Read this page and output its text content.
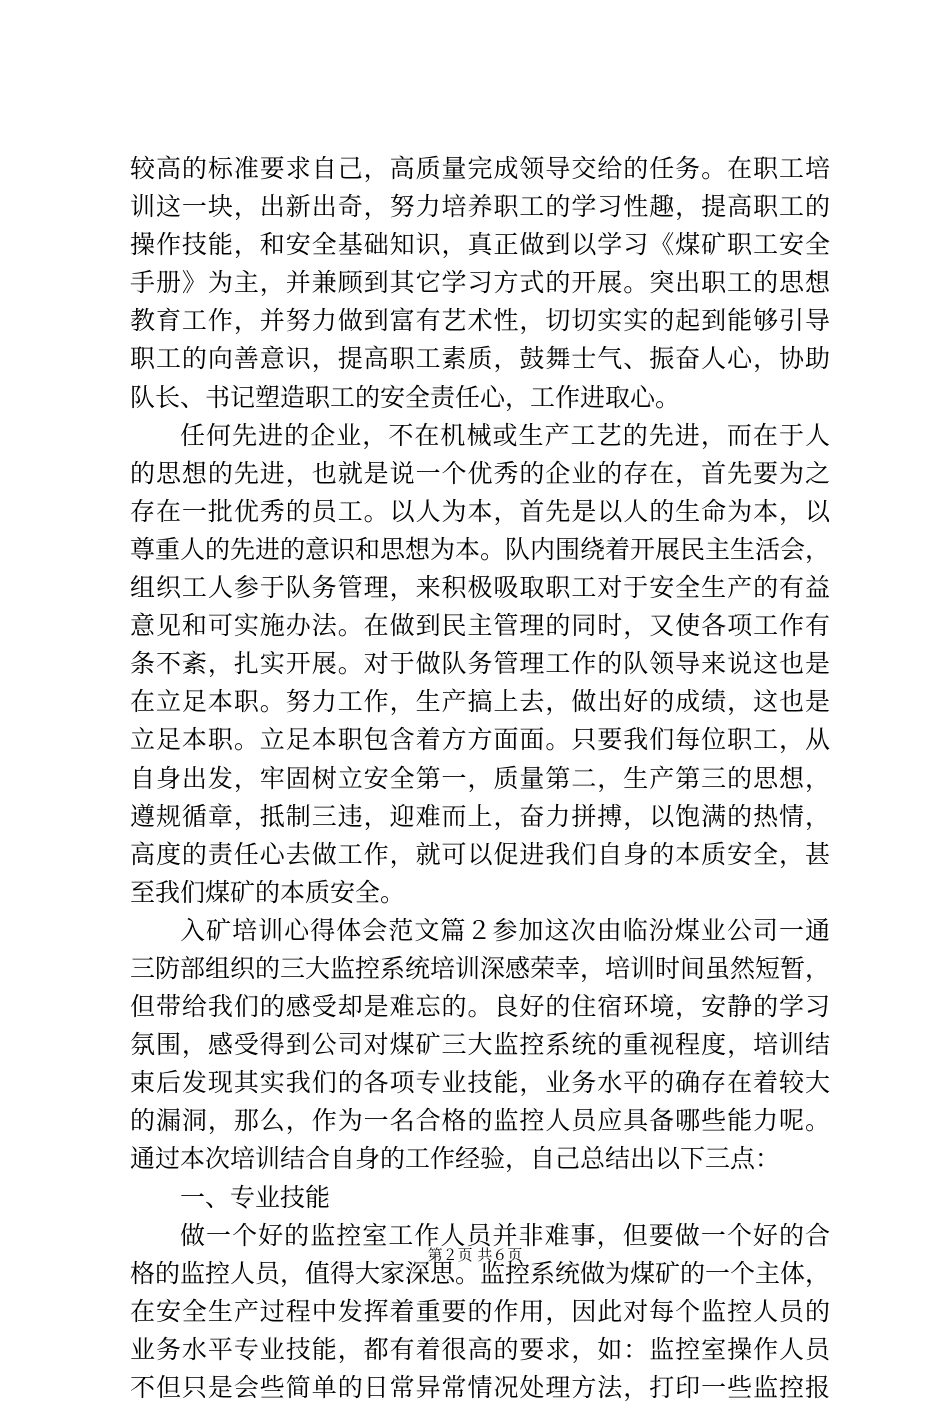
较高的标准要求自己，高质量完成领导交给的任务。在职工培
训这一块，出新出奇，努力培养职工的学习性趣，提高职工的
操作技能，和安全基础知识，真正做到以学习《煤矿职工安全
手册》为主，并兼顾到其它学习方式的开展。突出职工的思想
教育工作，并努力做到富有艺术性，切切实实的起到能够引导
职工的向善意识，提高职工素质，鼓舞士气、振奋人心，协助
队长、书记塑造职工的安全责任心，工作进取心。
任何先进的企业，不在机械或生产工艺的先进，而在于人
的思想的先进，也就是说一个优秀的企业的存在，首先要为之
存在一批优秀的员工。以人为本，首先是以人的生命为本，以
尊重人的先进的意识和思想为本。队内围绕着开展民主生活会，
组织工人参于队务管理，来积极吸取职工对于安全生产的有益
意见和可实施办法。在做到民主管理的同时，又使各项工作有
条不紊，扎实开展。对于做队务管理工作的队领导来说这也是
在立足本职。努力工作，生产搞上去，做出好的成绩，这也是
立足本职。立足本职包含着方方面面。只要我们每位职工，从
自身出发，牢固树立安全第一，质量第二，生产第三的思想，
遵规循章，抵制三违，迎难而上，奋力拼搏，以饱满的热情，
高度的责任心去做工作，就可以促进我们自身的本质安全，甚
至我们煤矿的本质安全。
入矿培训心得体会范文篇２参加这次由临汾煤业公司一通
三防部组织的三大监控系统培训深感荣幸，培训时间虽然短暂，
但带给我们的感受却是难忘的。良好的住宿环境，安静的学习
氛围，感受得到公司对煤矿三大监控系统的重视程度，培训结
束后发现其实我们的各项专业技能，业务水平的确存在着较大
的漏洞，那么，作为一名合格的监控人员应具备哪些能力呢。
通过本次培训结合自身的工作经验，自己总结出以下三点：
一、专业技能
做一个好的监控室工作人员并非难事，但要做一个好的合
格的监控人员，值得大家深思。监控系统做为煤矿的一个主体，
在安全生产过程中发挥着重要的作用，因此对每个监控人员的
业务水平专业技能，都有着很高的要求，如：监控室操作人员
不但只是会些简单的日常异常情况处理方法，打印一些监控报
第２页 共６页
